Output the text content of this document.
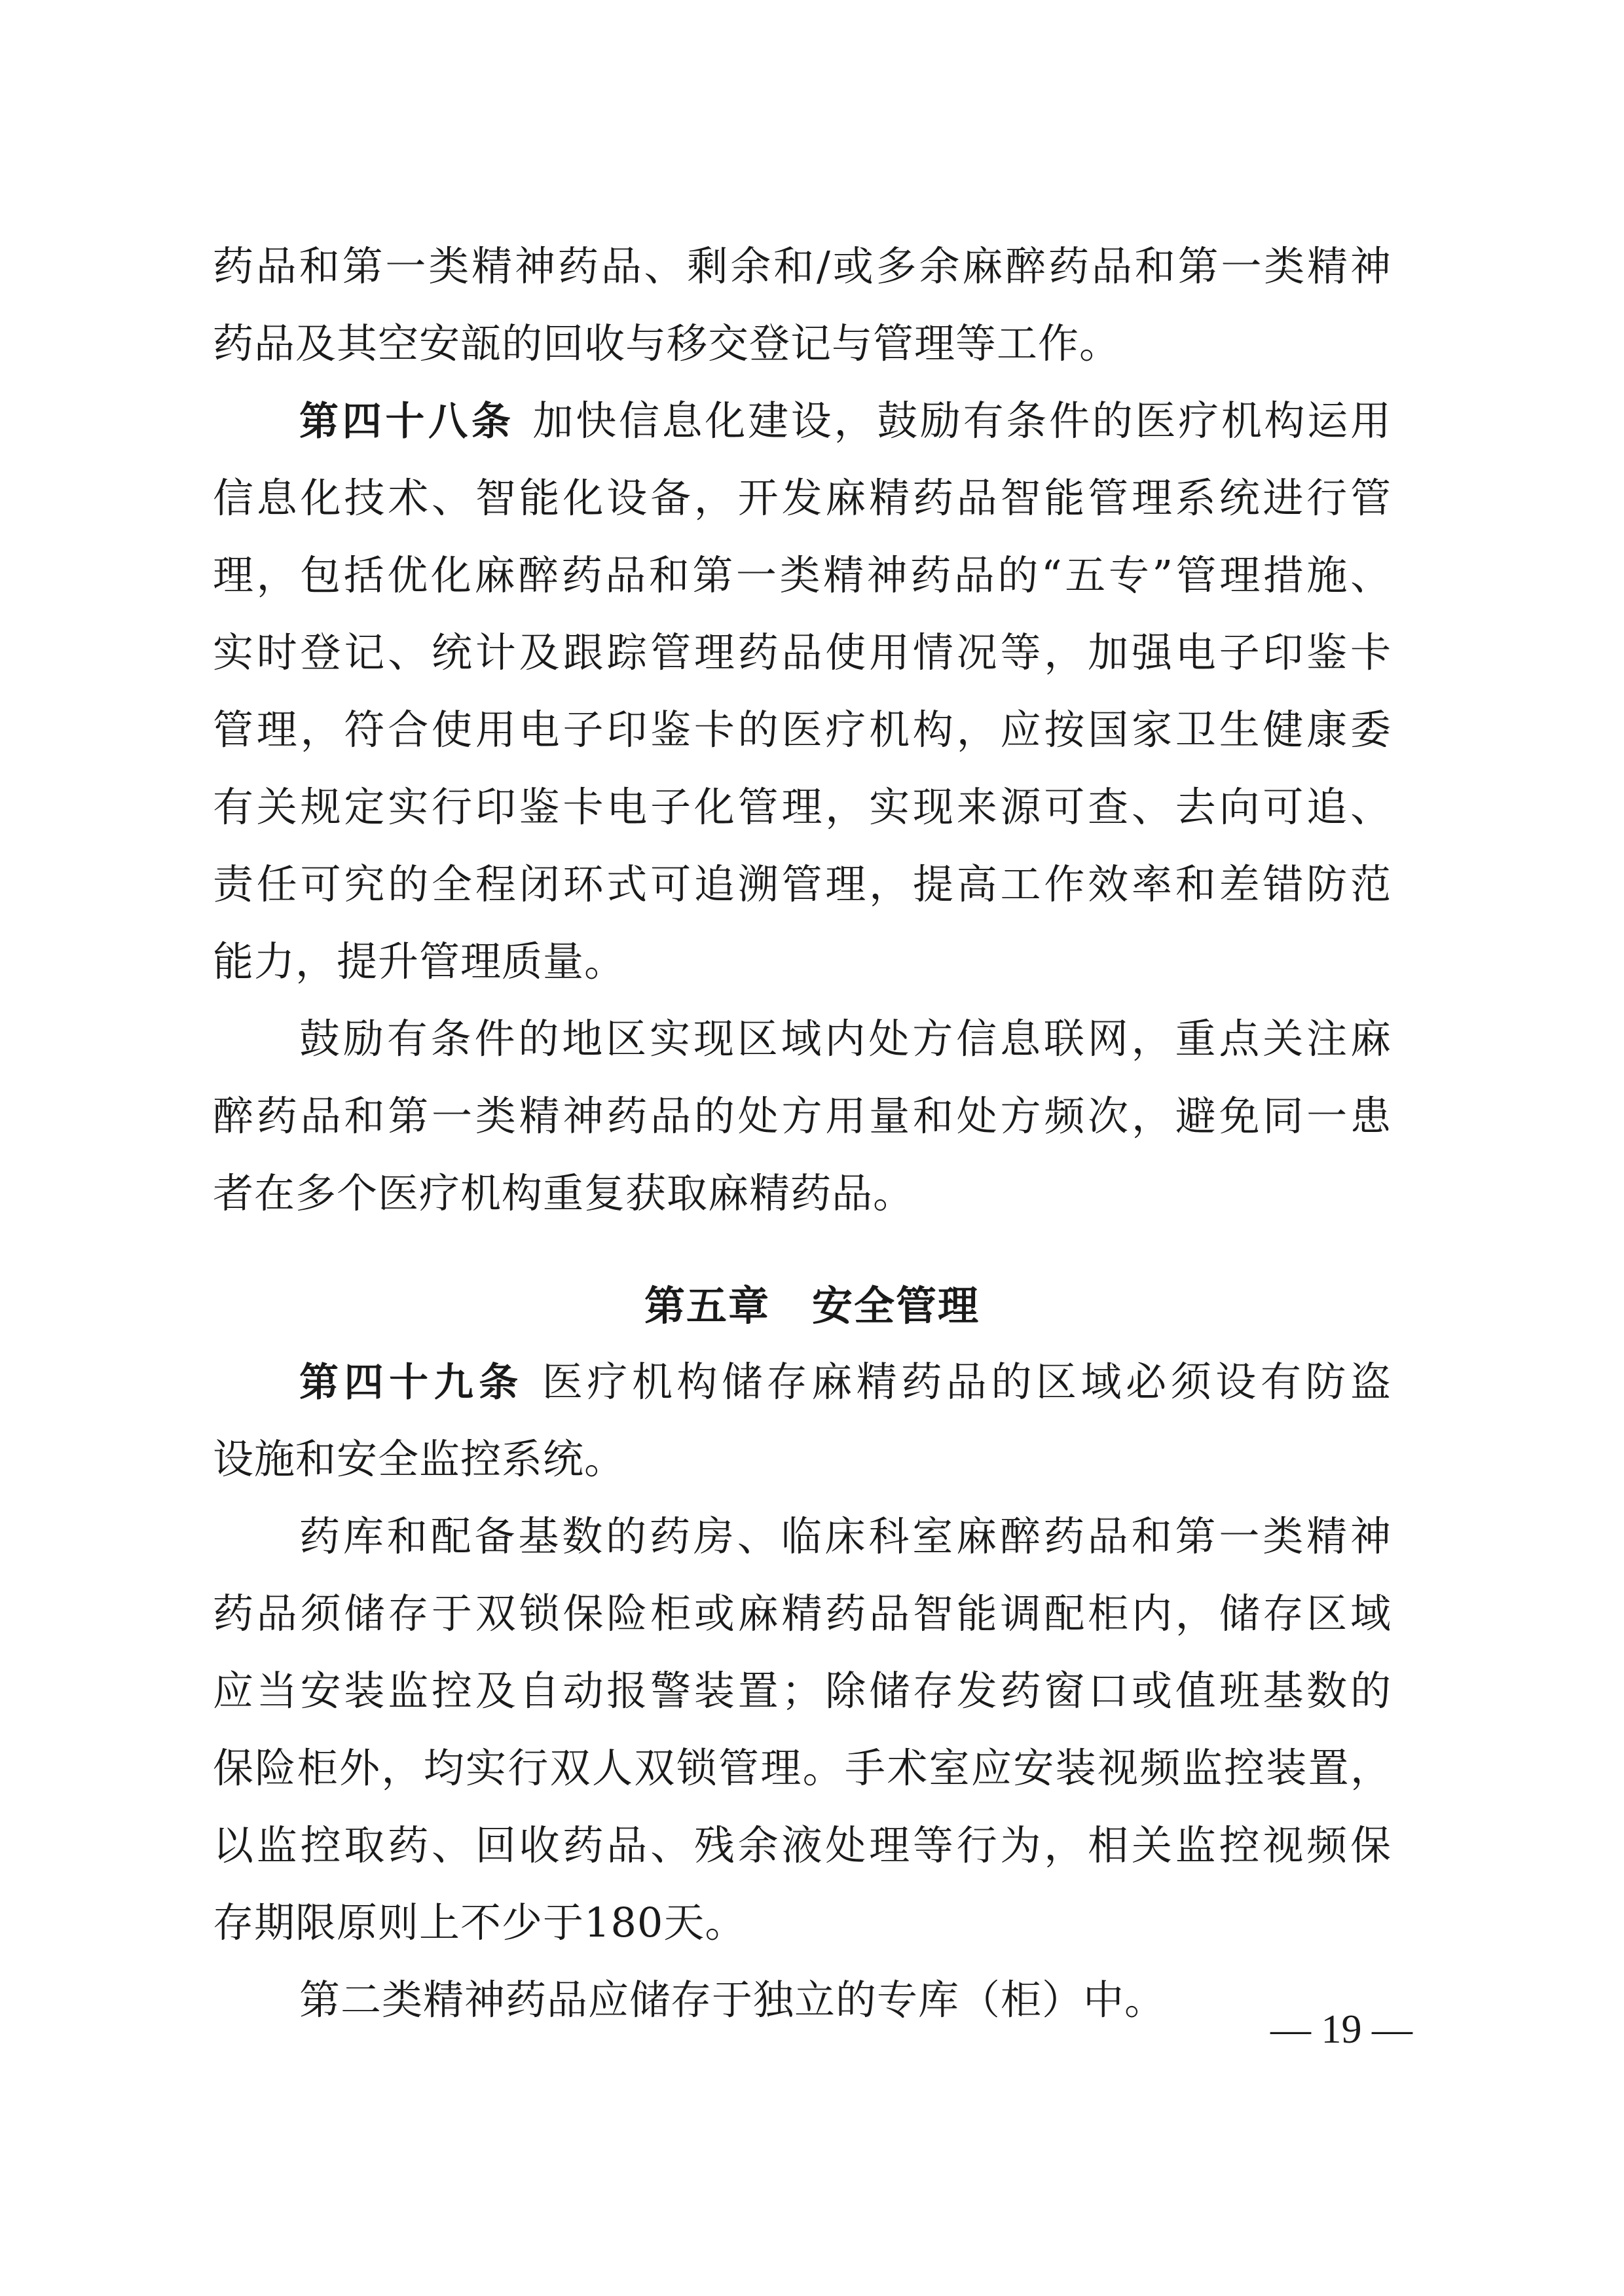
药品和第一类精神药品、剩余和/或多余麻醉药品和第一类精神
药品及其空安瓿的回收与移交登记与管理等工作。
第四十八条 加快信息化建设，鼓励有条件的医疗机构运用
信息化技术、智能化设备，开发麻精药品智能管理系统进行管
理，包括优化麻醉药品和第一类精神药品的“五专”管理措施、
实时登记、统计及跟踪管理药品使用情况等，加强电子印鉴卡
管理，符合使用电子印鉴卡的医疗机构，应按国家卫生健康委
有关规定实行印鉴卡电子化管理，实现来源可查、去向可追、
责任可究的全程闭环式可追溯管理，提高工作效率和差错防范
能力，提升管理质量。
鼓励有条件的地区实现区域内处方信息联网，重点关注麻
醉药品和第一类精神药品的处方用量和处方频次，避免同一患
者在多个医疗机构重复获取麻精药品。
第五章　安全管理
第四十九条 医疗机构储存麻精药品的区域必须设有防盗
设施和安全监控系统。
药库和配备基数的药房、临床科室麻醉药品和第一类精神
药品须储存于双锁保险柜或麻精药品智能调配柜内，储存区域
应当安装监控及自动报警装置；除储存发药窗口或值班基数的
保险柜外，均实行双人双锁管理。手术室应安装视频监控装置，
以监控取药、回收药品、残余液处理等行为，相关监控视频保
存期限原则上不少于180天。
第二类精神药品应储存于独立的专库（柜）中。
— 19 —
